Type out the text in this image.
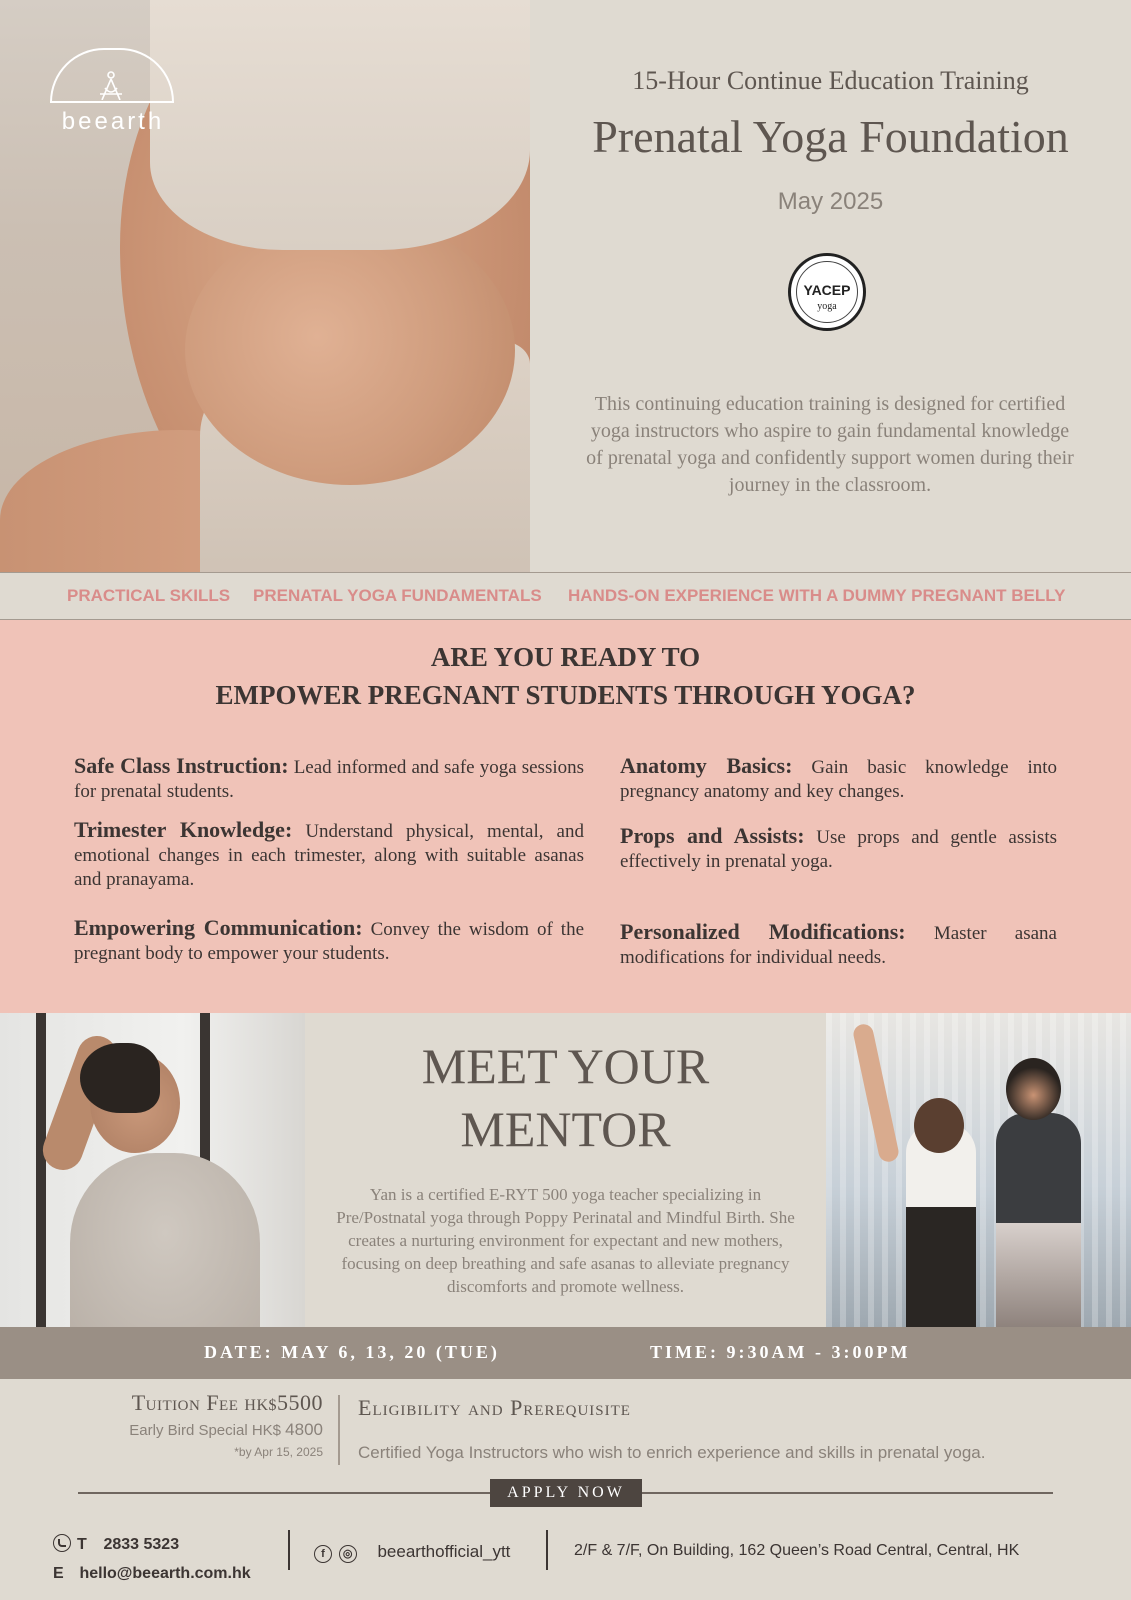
beearth
15-Hour Continue Education Training
Prenatal Yoga Foundation
May 2025
YACEP
yoga
This continuing education training is designed for certified yoga instructors who aspire to gain fundamental knowledge of prenatal yoga and confidently support women during their journey in the classroom.
PRACTICAL SKILLS PRENATAL YOGA FUNDAMENTALS HANDS-ON EXPERIENCE WITH A DUMMY PREGNANT BELLY
ARE YOU READY TO
EMPOWER PREGNANT STUDENTS THROUGH YOGA?
Safe Class Instruction: Lead informed and safe yoga sessions for prenatal students.
Anatomy Basics: Gain basic knowledge into pregnancy anatomy and key changes.
Trimester Knowledge: Understand physical, mental, and emotional changes in each trimester, along with suitable asanas and pranayama.
Props and Assists: Use props and gentle assists effectively in prenatal yoga.
Empowering Communication: Convey the wisdom of the pregnant body to empower your students.
Personalized Modifications: Master asana modifications for individual needs.
MEET YOUR
MENTOR
Yan is a certified E-RYT 500 yoga teacher specializing in Pre/Postnatal yoga through Poppy Perinatal and Mindful Birth. She creates a nurturing environment for expectant and new mothers, focusing on deep breathing and safe asanas to alleviate pregnancy discomforts and promote wellness.
DATE: MAY 6, 13, 20 (TUE)	TIME: 9:30AM - 3:00PM
Tuition Fee HK$5500
Early Bird Special HK$ 4800
*by Apr 15, 2025
Eligibility and Prerequisite
Certified Yoga Instructors who wish to enrich experience and skills in prenatal yoga.
APPLY NOW
T 2833 5323
E hello@beearth.com.hk
f ◎ beearthofficial_ytt	2/F & 7/F, On Building, 162 Queen’s Road Central, Central, HK
